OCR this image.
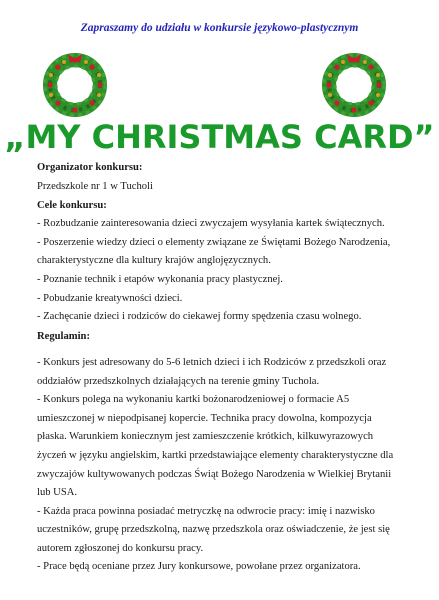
Zapraszamy do udziału w konkursie językowo-plastycznym
„MY CHRISTMAS CARD”

Organizator konkursu:

Przedszkole nr 1 w Tucholi

Cele konkursu:

- Rozbudzanie zainteresowania dzieci zwyczajem wysyłania kartek świątecznych.

- Poszerzenie wiedzy dzieci o elementy związane ze Świętami Bożego Narodzenia,

charakterystyczne dla kultury krajów anglojęzycznych.

- Poznanie technik i etapów wykonania pracy plastycznej.

- Pobudzanie kreatywności dzieci.

- Zachęcanie dzieci i rodziców do ciekawej formy spędzenia czasu wolnego.

Regulamin:

- Konkurs jest adresowany do 5-6 letnich dzieci i ich Rodziców z przedszkoli oraz

oddziałów przedszkolnych działających na terenie gminy Tuchola.

- Konkurs polega na wykonaniu kartki bożonarodzeniowej o formacie A5

umieszczonej w niepodpisanej kopercie. Technika pracy dowolna, kompozycja

płaska. Warunkiem koniecznym jest zamieszczenie krótkich, kilkuwyrazowych

życzeń w języku angielskim, kartki przedstawiające elementy charakterystyczne dla

zwyczajów kultywowanych podczas Świąt Bożego Narodzenia w Wielkiej Brytanii

lub USA.

- Każda praca powinna posiadać metryczkę na odwrocie pracy: imię i nazwisko

uczestników, grupę przedszkolną, nazwę przedszkola oraz oświadczenie, że jest się

autorem zgłoszonej do konkursu pracy.

- Prace będą oceniane przez Jury konkursowe, powołane przez organizatora.
